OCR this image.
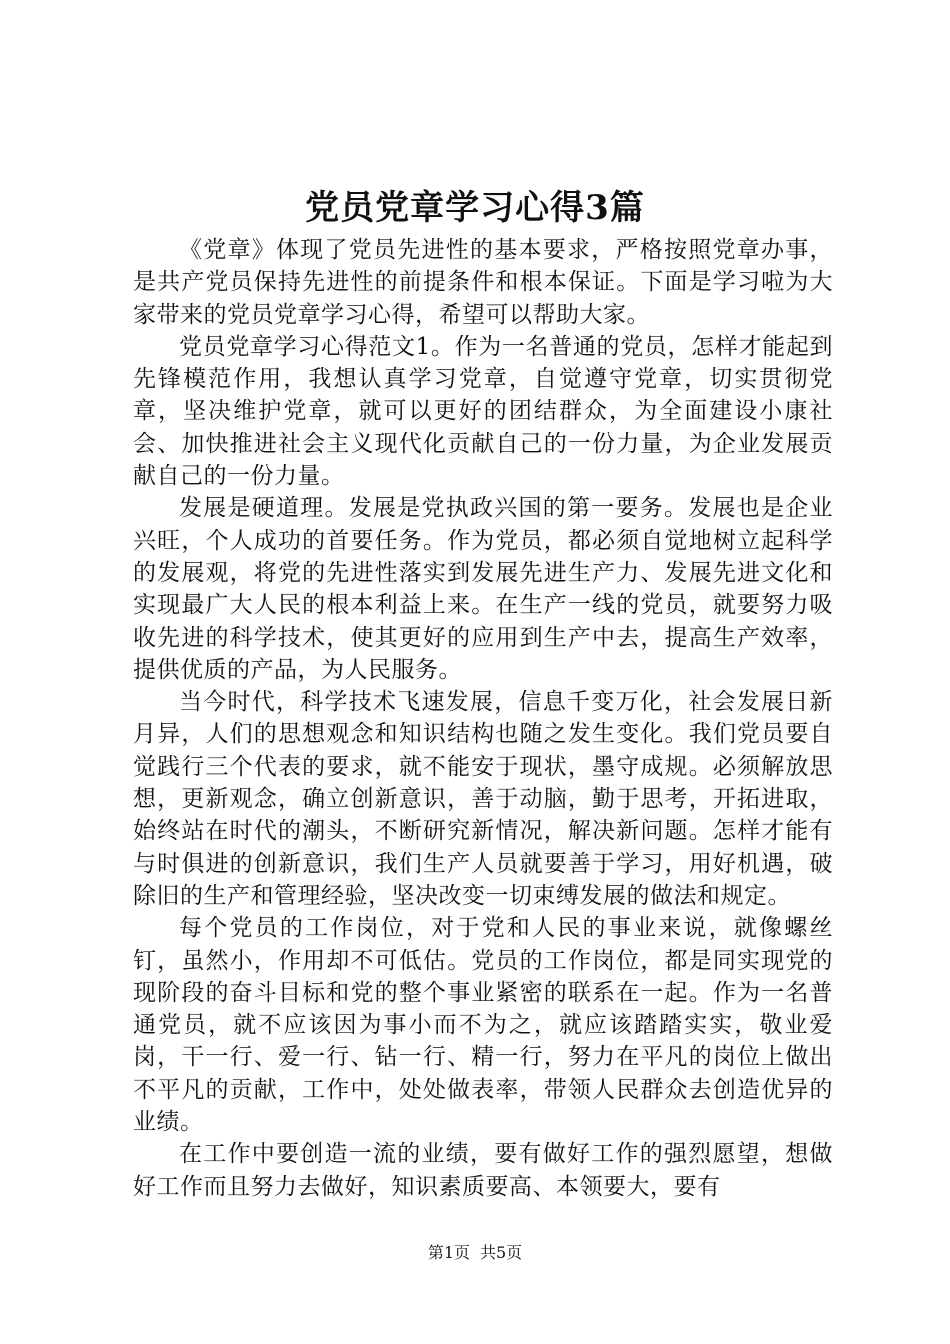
党员党章学习心得3篇

《党章》体现了党员先进性的基本要求，严格按照党章办事，是共产党员保持先进性的前提条件和根本保证。下面是学习啦为大家带来的党员党章学习心得，希望可以帮助大家。

党员党章学习心得范文1。作为一名普通的党员，怎样才能起到先锋模范作用，我想认真学习党章，自觉遵守党章，切实贯彻党章，坚决维护党章，就可以更好的团结群众，为全面建设小康社会、加快推进社会主义现代化贡献自己的一份力量，为企业发展贡献自己的一份力量。

发展是硬道理。发展是党执政兴国的第一要务。发展也是企业兴旺，个人成功的首要任务。作为党员，都必须自觉地树立起科学的发展观，将党的先进性落实到发展先进生产力、发展先进文化和实现最广大人民的根本利益上来。在生产一线的党员，就要努力吸收先进的科学技术，使其更好的应用到生产中去，提高生产效率，提供优质的产品，为人民服务。

当今时代，科学技术飞速发展，信息千变万化，社会发展日新月异，人们的思想观念和知识结构也随之发生变化。我们党员要自觉践行三个代表的要求，就不能安于现状，墨守成规。必须解放思想，更新观念，确立创新意识，善于动脑，勤于思考，开拓进取，始终站在时代的潮头，不断研究新情况，解决新问题。怎样才能有与时俱进的创新意识，我们生产人员就要善于学习，用好机遇，破除旧的生产和管理经验，坚决改变一切束缚发展的做法和规定。

每个党员的工作岗位，对于党和人民的事业来说，就像螺丝钉，虽然小，作用却不可低估。党员的工作岗位，都是同实现党的现阶段的奋斗目标和党的整个事业紧密的联系在一起。作为一名普通党员，就不应该因为事小而不为之，就应该踏踏实实，敬业爱岗，干一行、爱一行、钻一行、精一行，努力在平凡的岗位上做出不平凡的贡献，工作中，处处做表率，带领人民群众去创造优异的业绩。

在工作中要创造一流的业绩，要有做好工作的强烈愿望，想做好工作而且努力去做好，知识素质要高、本领要大，要有

第1页 共5页
